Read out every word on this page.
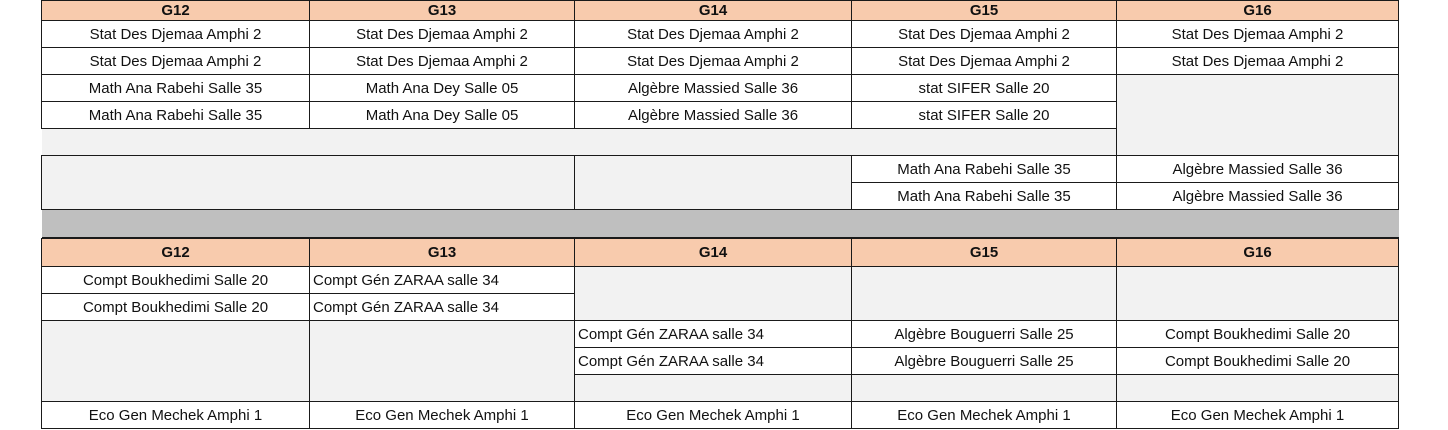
G12	G13	G14	G15	G16
Stat Des Djemaa Amphi 2	Stat Des Djemaa Amphi 2	Stat Des Djemaa Amphi 2	Stat Des Djemaa Amphi 2	Stat Des Djemaa Amphi 2
Stat Des Djemaa Amphi 2	Stat Des Djemaa Amphi 2	Stat Des Djemaa Amphi 2	Stat Des Djemaa Amphi 2	Stat Des Djemaa Amphi 2
Math Ana Rabehi Salle 35	Math Ana Dey Salle 05	Algèbre Massied Salle 36	stat SIFER Salle 20	
Math Ana Rabehi Salle 35	Math Ana Dey Salle 05	Algèbre Massied Salle 36	stat SIFER Salle 20	

			Math Ana Rabehi Salle 35	Algèbre Massied Salle 36
			Math Ana Rabehi Salle 35	Algèbre Massied Salle 36

G12	G13	G14	G15	G16
Compt Boukhedimi Salle 20	Compt Gén ZARAA salle 34			
Compt Boukhedimi Salle 20	Compt Gén ZARAA salle 34			
		Compt Gén ZARAA salle 34	Algèbre Bouguerri Salle 25	Compt Boukhedimi Salle 20
		Compt Gén ZARAA salle 34	Algèbre Bouguerri Salle 25	Compt Boukhedimi Salle 20

Eco Gen Mechek Amphi 1	Eco Gen Mechek Amphi 1	Eco Gen Mechek Amphi 1	Eco Gen Mechek Amphi 1	Eco Gen Mechek Amphi 1
